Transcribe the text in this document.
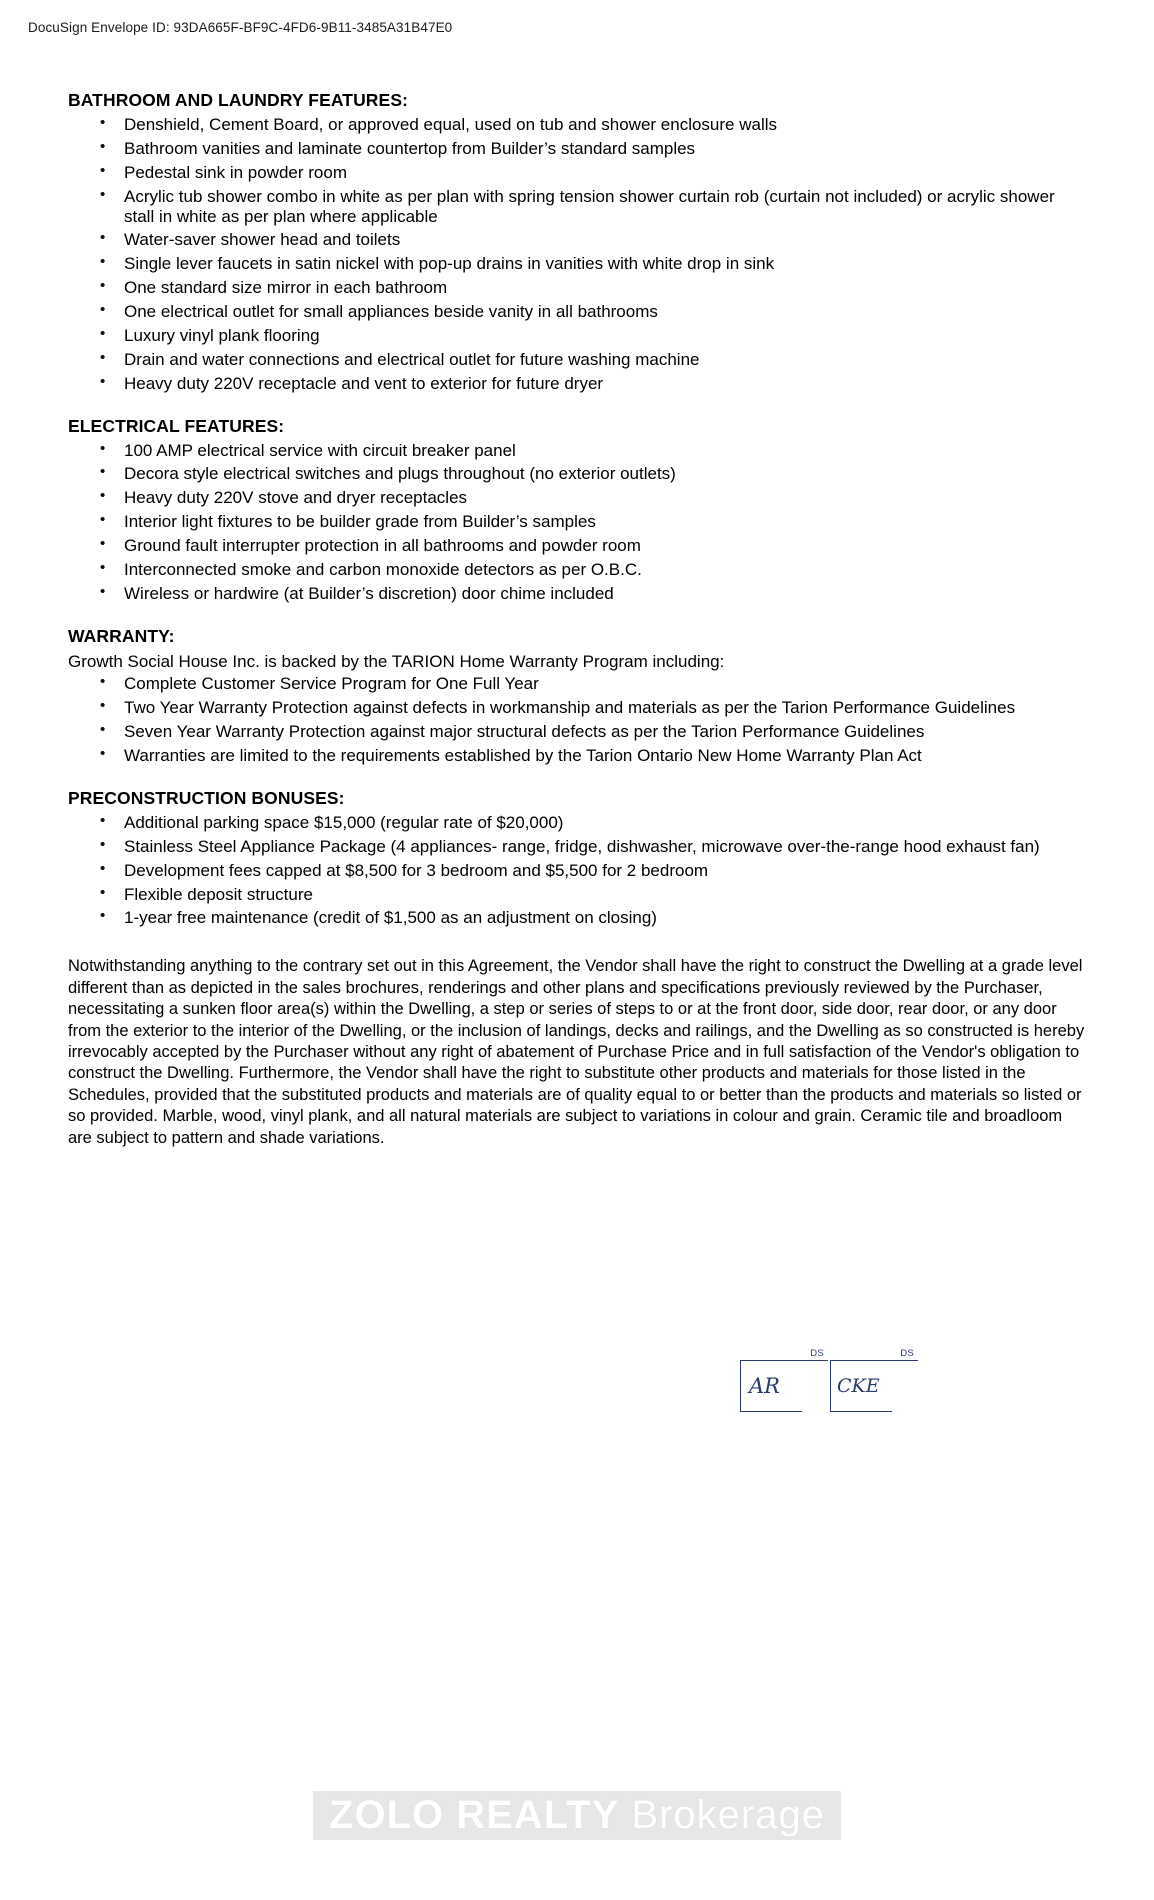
DocuSign Envelope ID: 93DA665F-BF9C-4FD6-9B11-3485A31B47E0
BATHROOM AND LAUNDRY FEATURES:
• Denshield, Cement Board, or approved equal, used on tub and shower enclosure walls
• Bathroom vanities and laminate countertop from Builder’s standard samples
• Pedestal sink in powder room
• Acrylic tub shower combo in white as per plan with spring tension shower curtain rob (curtain not included) or acrylic shower stall in white as per plan where applicable
• Water-saver shower head and toilets
• Single lever faucets in satin nickel with pop-up drains in vanities with white drop in sink
• One standard size mirror in each bathroom
• One electrical outlet for small appliances beside vanity in all bathrooms
• Luxury vinyl plank flooring
• Drain and water connections and electrical outlet for future washing machine
• Heavy duty 220V receptacle and vent to exterior for future dryer
ELECTRICAL FEATURES:
• 100 AMP electrical service with circuit breaker panel
• Decora style electrical switches and plugs throughout (no exterior outlets)
• Heavy duty 220V stove and dryer receptacles
• Interior light fixtures to be builder grade from Builder’s samples
• Ground fault interrupter protection in all bathrooms and powder room
• Interconnected smoke and carbon monoxide detectors as per O.B.C.
• Wireless or hardwire (at Builder’s discretion) door chime included
WARRANTY:

Growth Social House Inc. is backed by the TARION Home Warranty Program including:

• Complete Customer Service Program for One Full Year
• Two Year Warranty Protection against defects in workmanship and materials as per the Tarion Performance Guidelines
• Seven Year Warranty Protection against major structural defects as per the Tarion Performance Guidelines
• Warranties are limited to the requirements established by the Tarion Ontario New Home Warranty Plan Act
PRECONSTRUCTION BONUSES:
• Additional parking space $15,000 (regular rate of $20,000)
• Stainless Steel Appliance Package (4 appliances- range, fridge, dishwasher, microwave over-the-range hood exhaust fan)
• Development fees capped at $8,500 for 3 bedroom and $5,500 for 2 bedroom
• Flexible deposit structure
• 1-year free maintenance (credit of $1,500 as an adjustment on closing)

Notwithstanding anything to the contrary set out in this Agreement, the Vendor shall have the right to construct the Dwelling at a grade level different than as depicted in the sales brochures, renderings and other plans and specifications previously reviewed by the Purchaser, necessitating a sunken floor area(s) within the Dwelling, a step or series of steps to or at the front door, side door, rear door, or any door from the exterior to the interior of the Dwelling, or the inclusion of landings, decks and railings, and the Dwelling as so constructed is hereby irrevocably accepted by the Purchaser without any right of abatement of Purchase Price and in full satisfaction of the Vendor's obligation to construct the Dwelling. Furthermore, the Vendor shall have the right to substitute other products and materials for those listed in the Schedules, provided that the substituted products and materials are of quality equal to or better than the products and materials so listed or so provided. Marble, wood, vinyl plank, and all natural materials are subject to variations in colour and grain. Ceramic tile and broadloom are subject to pattern and shade variations.

DS
AR
DS
CKE
ZOLO REALTY Brokerage
